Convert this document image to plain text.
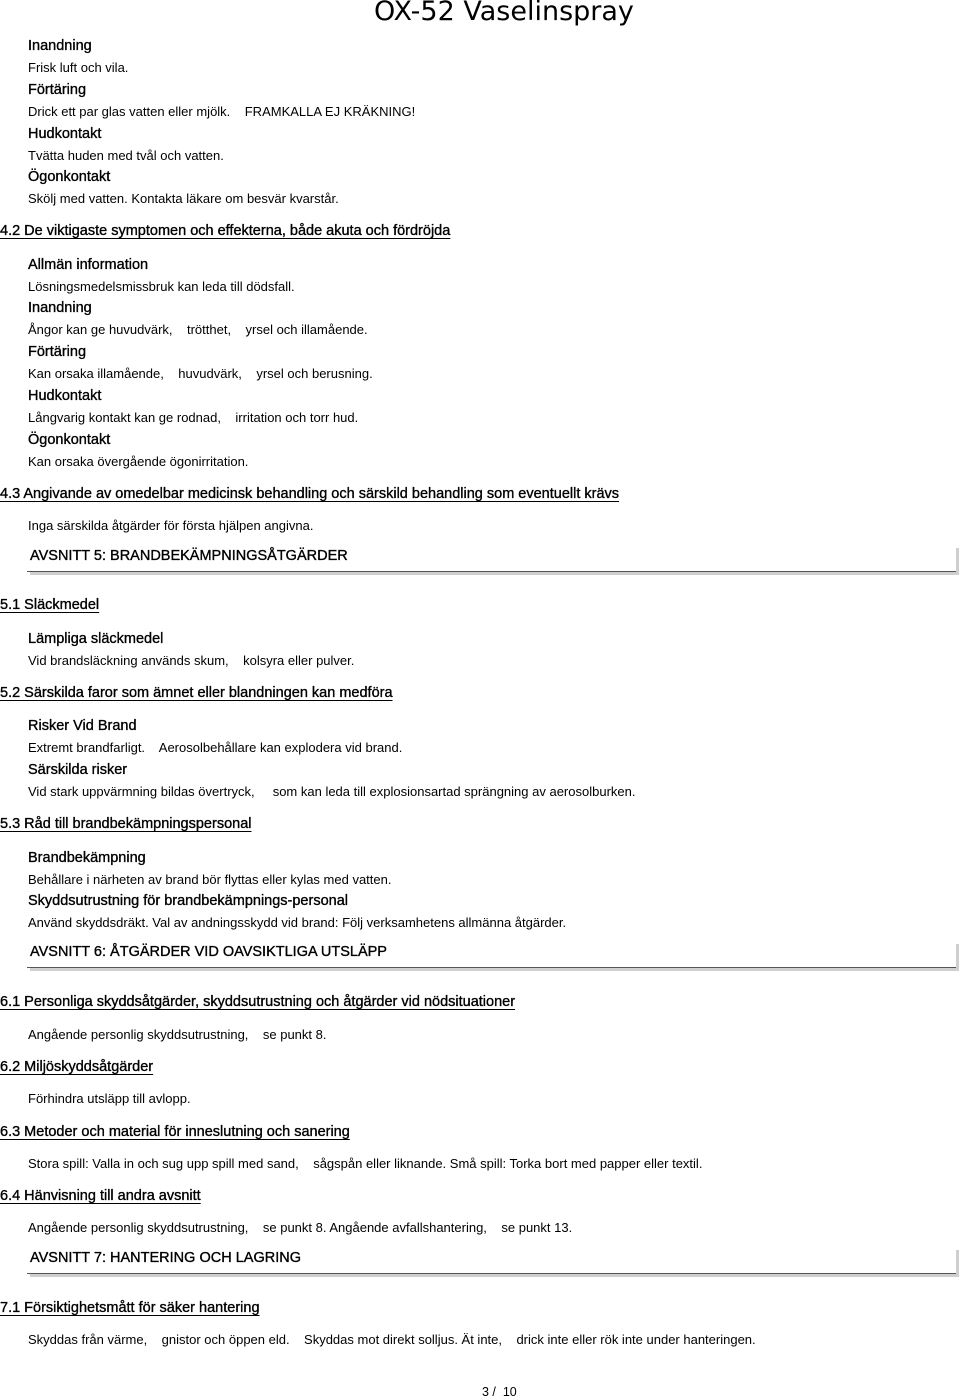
OX-52 Vaselinspray
Inandning
Frisk luft och vila.
Förtäring
Drick ett par glas vatten eller mjölk.    FRAMKALLA EJ KRÄKNING!
Hudkontakt
Tvätta huden med tvål och vatten.
Ögonkontakt
Skölj med vatten. Kontakta läkare om besvär kvarstår.
4.2 De viktigaste symptomen och effekterna, både akuta och fördröjda
Allmän information
Lösningsmedelsmissbruk kan leda till dödsfall.
Inandning
Ångor kan ge huvudvärk,    trötthet,    yrsel och illamående.
Förtäring
Kan orsaka illamående,    huvudvärk,    yrsel och berusning.
Hudkontakt
Långvarig kontakt kan ge rodnad,    irritation och torr hud.
Ögonkontakt
Kan orsaka övergående ögonirritation.
4.3 Angivande av omedelbar medicinsk behandling och särskild behandling som eventuellt krävs
Inga särskilda åtgärder för första hjälpen angivna.
AVSNITT 5: BRANDBEKÄMPNINGSÅTGÄRDER
5.1 Släckmedel
Lämpliga släckmedel
Vid brandsläckning används skum,    kolsyra eller pulver.
5.2 Särskilda faror som ämnet eller blandningen kan medföra
Risker Vid Brand
Extremt brandfarligt.    Aerosolbehållare kan explodera vid brand.
Särskilda risker
Vid stark uppvärmning bildas övertryck,     som kan leda till explosionsartad sprängning av aerosolburken.
5.3 Råd till brandbekämpningspersonal
Brandbekämpning
Behållare i närheten av brand bör flyttas eller kylas med vatten.
Skyddsutrustning för brandbekämpnings-personal
Använd skyddsdräkt. Val av andningsskydd vid brand: Följ verksamhetens allmänna åtgärder.
AVSNITT 6: ÅTGÄRDER VID OAVSIKTLIGA UTSLÄPP
6.1 Personliga skyddsåtgärder, skyddsutrustning och åtgärder vid nödsituationer
Angående personlig skyddsutrustning,    se punkt 8.
6.2 Miljöskyddsåtgärder
Förhindra utsläpp till avlopp.
6.3 Metoder och material för inneslutning och sanering
Stora spill: Valla in och sug upp spill med sand,    sågspån eller liknande. Små spill: Torka bort med papper eller textil.
6.4 Hänvisning till andra avsnitt
Angående personlig skyddsutrustning,    se punkt 8. Angående avfallshantering,    se punkt 13.
AVSNITT 7: HANTERING OCH LAGRING
7.1 Försiktighetsmått för säker hantering
Skyddas från värme,    gnistor och öppen eld.    Skyddas mot direkt solljus. Ät inte,    drick inte eller rök inte under hanteringen.
3 /  10
